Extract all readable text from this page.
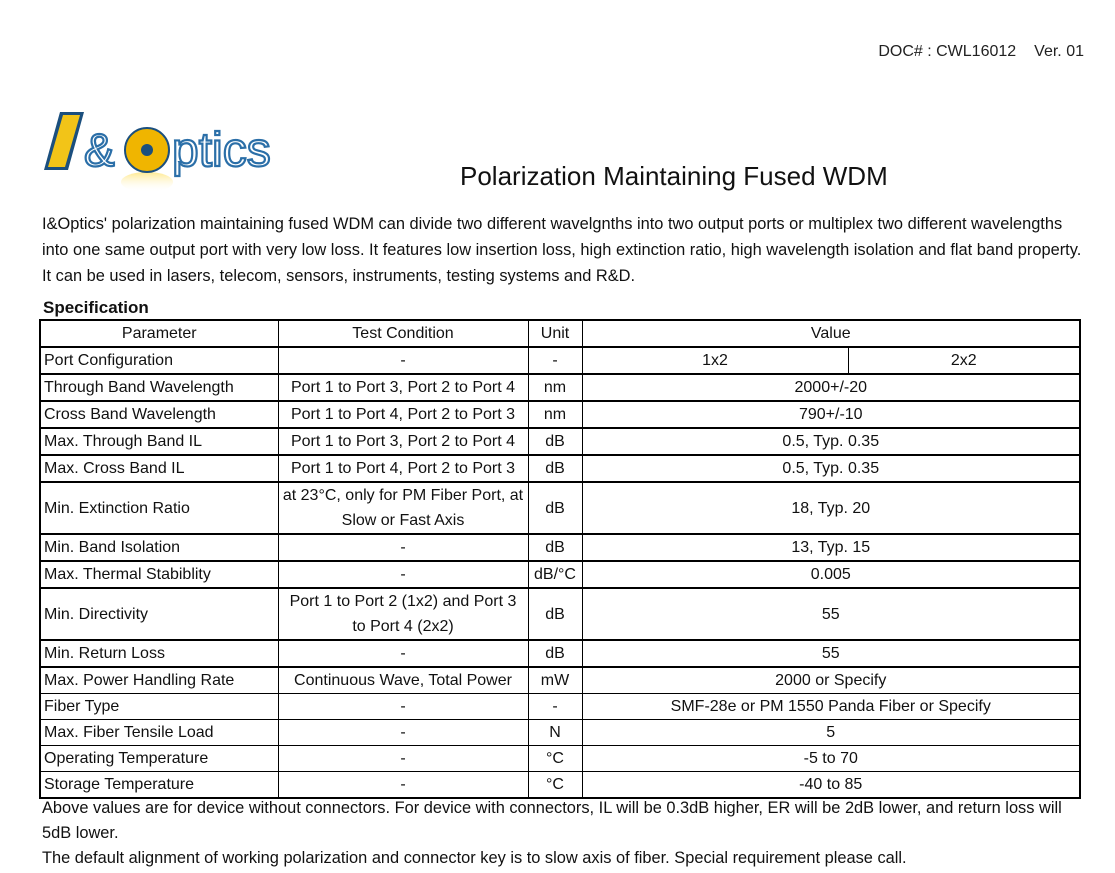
DOC# : CWL16012 Ver. 01
& ptics	Polarization Maintaining Fused WDM

I&Optics' polarization maintaining fused WDM can divide two different wavelgnths into two output ports or multiplex two different wavelengths into one same output port with very low loss. It features low insertion loss, high extinction ratio, high wavelength isolation and flat band property. It can be used in lasers, telecom, sensors, instruments, testing systems and R&D.

Specification
Parameter	Test Condition	Unit	Value	
Port Configuration	-	-	1x2	2x2
Through Band Wavelength	Port 1 to Port 3, Port 2 to Port 4	nm	2000+/-20	
Cross Band Wavelength	Port 1 to Port 4, Port 2 to Port 3	nm	790+/-10	
Max. Through Band IL	Port 1 to Port 3, Port 2 to Port 4	dB	0.5, Typ. 0.35	
Max. Cross Band IL	Port 1 to Port 4, Port 2 to Port 3	dB	0.5, Typ. 0.35	
Min. Extinction Ratio	at 23°C, only for PM Fiber Port, at Slow or Fast Axis	dB	18, Typ. 20	
Min. Band Isolation	-	dB	13, Typ. 15	
Max. Thermal Stabiblity	-	dB/°C	0.005	
Min. Directivity	Port 1 to Port 2 (1x2) and Port 3 to Port 4 (2x2)	dB	55	
Min. Return Loss	-	dB	55	
Max. Power Handling Rate	Continuous Wave, Total Power	mW	2000 or Specify	
Fiber Type	-	-	SMF-28e or PM 1550 Panda Fiber or Specify	
Max. Fiber Tensile Load	-	N	5	
Operating Temperature	-	°C	-5 to 70	
Storage Temperature	-	°C	-40 to 85	
Above values are for device without connectors. For device with connectors, IL will be 0.3dB higher, ER will be 2dB lower, and return loss will 5dB lower.
The default alignment of working polarization and connector key is to slow axis of fiber. Special requirement please call.
